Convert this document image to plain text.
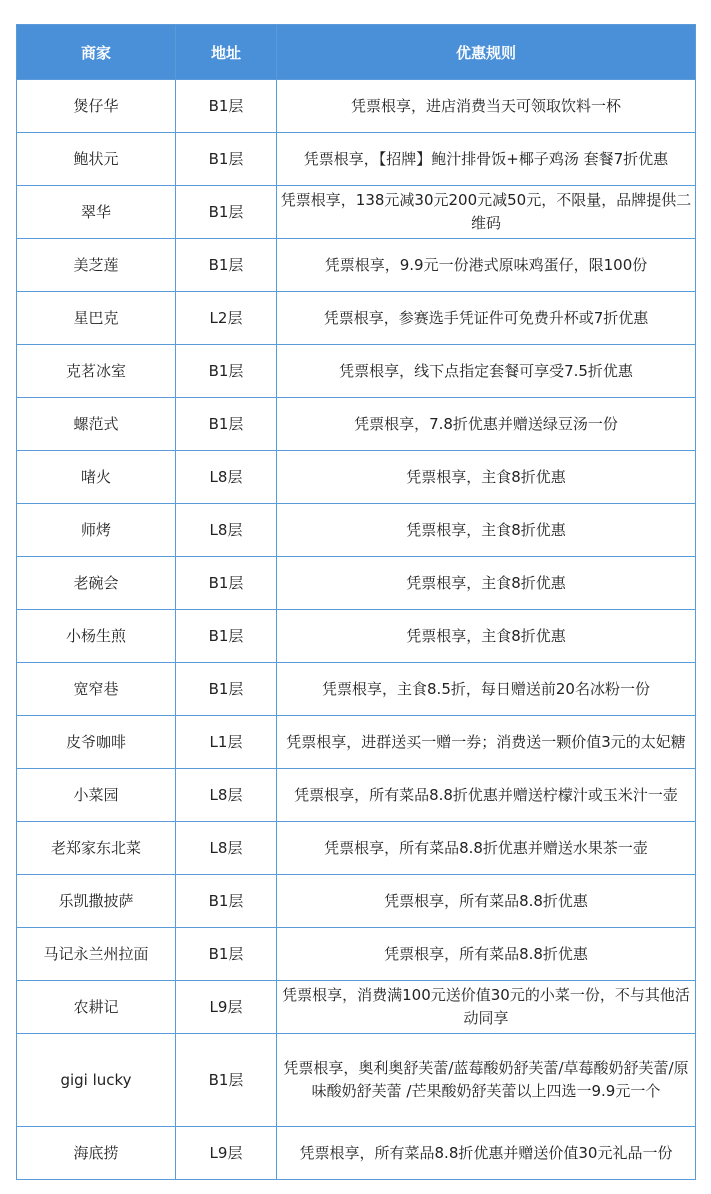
商家	地址	优惠规则
煲仔华	B1层	凭票根享，进店消费当天可领取饮料一杯
鲍状元	B1层	凭票根享，【招牌】鲍汁排骨饭+椰子鸡汤 套餐7折优惠
翠华	B1层	凭票根享，138元减30元200元减50元，不限量，品牌提供二维码
美芝莲	B1层	凭票根享，9.9元一份港式原味鸡蛋仔，限100份
星巴克	L2层	凭票根享，参赛选手凭证件可免费升杯或7折优惠
克茗冰室	B1层	凭票根享，线下点指定套餐可享受7.5折优惠
螺范式	B1层	凭票根享，7.8折优惠并赠送绿豆汤一份
啫火	L8层	凭票根享，主食8折优惠
师烤	L8层	凭票根享，主食8折优惠
老碗会	B1层	凭票根享，主食8折优惠
小杨生煎	B1层	凭票根享，主食8折优惠
宽窄巷	B1层	凭票根享，主食8.5折，每日赠送前20名冰粉一份
皮爷咖啡	L1层	凭票根享，进群送买一赠一券；消费送一颗价值3元的太妃糖
小菜园	L8层	凭票根享，所有菜品8.8折优惠并赠送柠檬汁或玉米汁一壶
老郑家东北菜	L8层	凭票根享，所有菜品8.8折优惠并赠送水果茶一壶
乐凯撒披萨	B1层	凭票根享，所有菜品8.8折优惠
马记永兰州拉面	B1层	凭票根享，所有菜品8.8折优惠
农耕记	L9层	凭票根享，消费满100元送价值30元的小菜一份，不与其他活动同享
gigi lucky	B1层	凭票根享，奥利奥舒芙蕾/蓝莓酸奶舒芙蕾/草莓酸奶舒芙蕾/原味酸奶舒芙蕾 /芒果酸奶舒芙蕾以上四选一9.9元一个
海底捞	L9层	凭票根享，所有菜品8.8折优惠并赠送价值30元礼品一份
